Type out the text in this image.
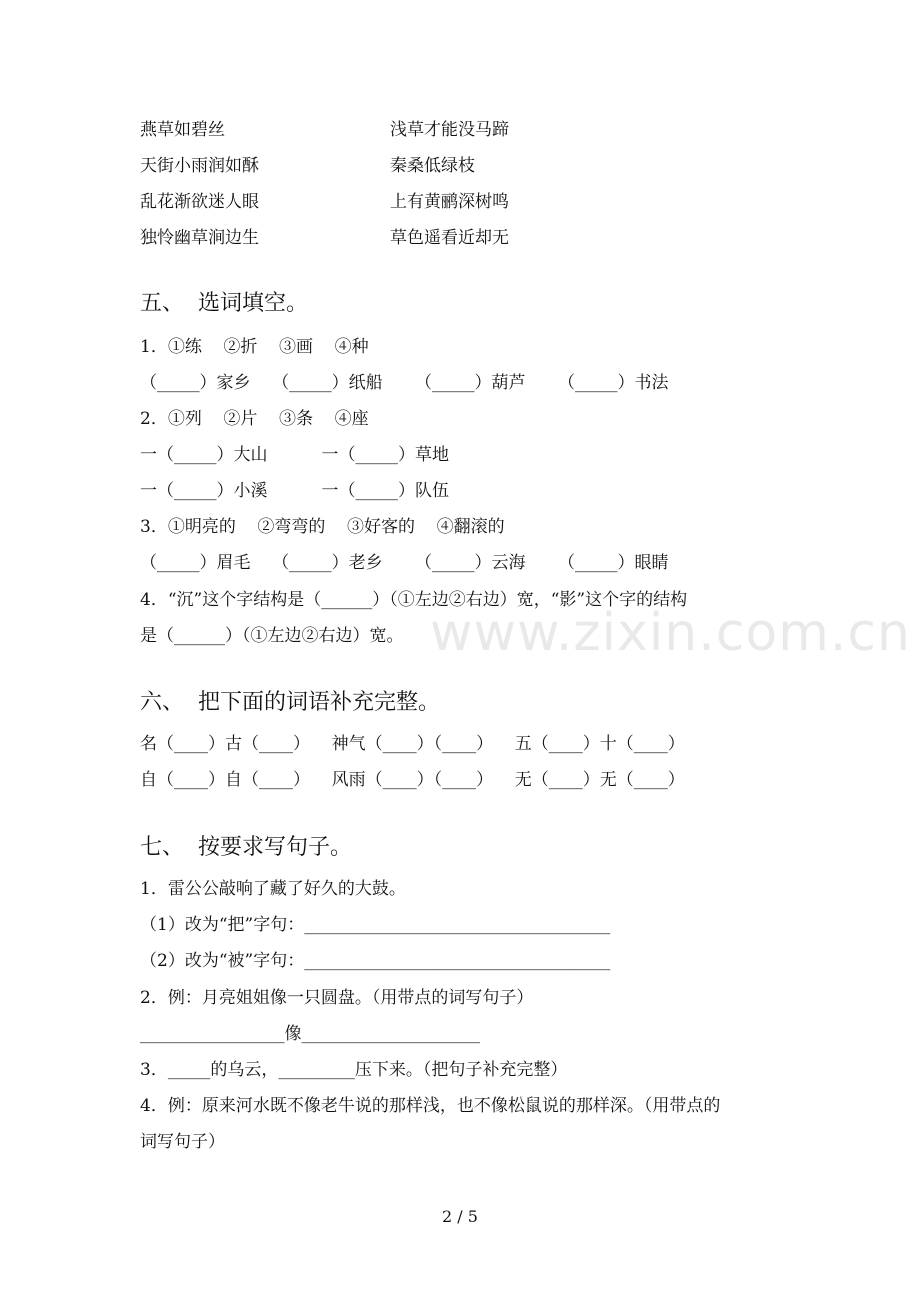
燕草如碧丝	浅草才能没马蹄
天街小雨润如酥	秦桑低绿枝
乱花渐欲迷人眼	上有黄鹂深树鸣
独怜幽草涧边生	草色遥看近却无
五、  选词填空。
1．①练    ②折    ③画    ④种
（_____）家乡    （_____）纸船      （_____）葫芦      （_____）书法
2．①列    ②片    ③条    ④座
一（_____）大山          一（_____）草地
一（_____）小溪          一（_____）队伍
3．①明亮的    ②弯弯的    ③好客的    ④翻滚的
（_____）眉毛    （_____）老乡      （_____）云海      （_____）眼睛
4．“沉”这个字结构是（______）（①左边②右边）宽，“影”这个字的结构
是（______）（①左边②右边）宽。 www.zixin.com.cn
六、  把下面的词语补充完整。
名（____）古（____）    神气（____）（____）    五（____）十（____）
自（____）自（____）    风雨（____）（____）    无（____）无（____）
七、  按要求写句子。
1．雷公公敲响了藏了好久的大鼓。
（1）改为“把”字句：____________________________________
（2）改为“被”字句：____________________________________
2．例：月亮姐姐像一只圆盘。（用带点的词写句子）
_________________像_____________________
3．_____的乌云，_________压下来。（把句子补充完整）
4．例：原来河水既不像老牛说的那样浅，也不像松鼠说的那样深。（用带点的
词写句子）
2 / 5
